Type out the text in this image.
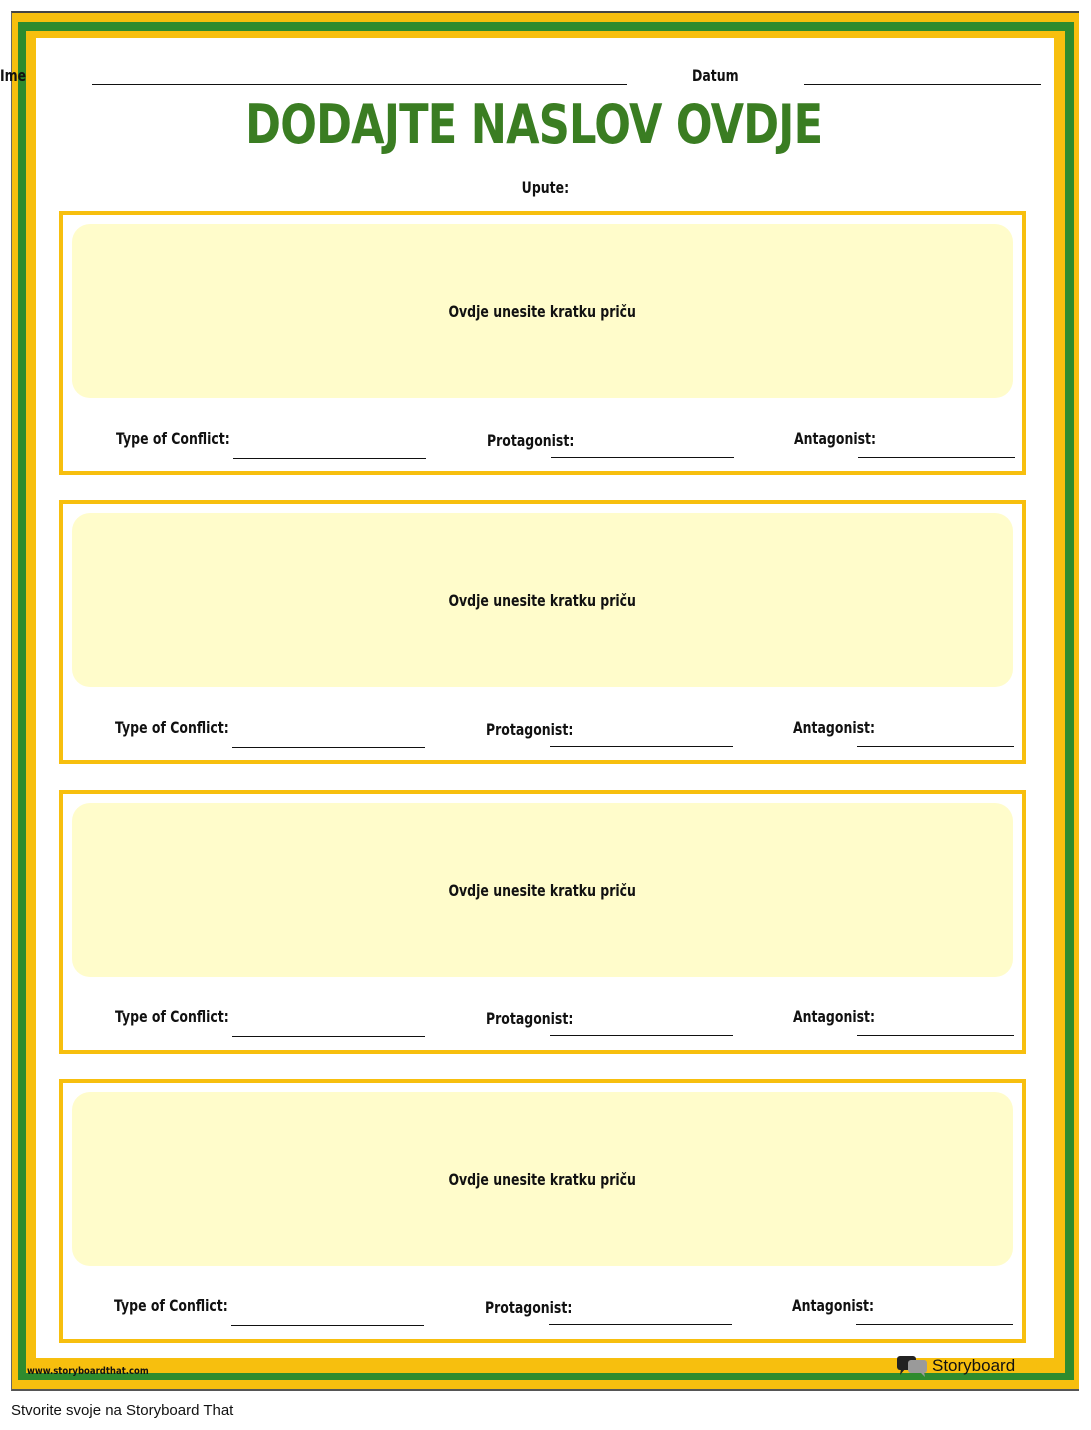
Ime	Datum
DODAJTE NASLOV OVDJE
Upute:
Ovdje unesite kratku priču
Type of Conflict:	Protagonist:	Antagonist:
Ovdje unesite kratku priču
Type of Conflict:	Protagonist:	Antagonist:
Ovdje unesite kratku priču
Type of Conflict:	Protagonist:	Antagonist:
Ovdje unesite kratku priču
Type of Conflict:	Protagonist:	Antagonist:
www.storyboardthat.com	StoryboardThat
Stvorite svoje na Storyboard That
